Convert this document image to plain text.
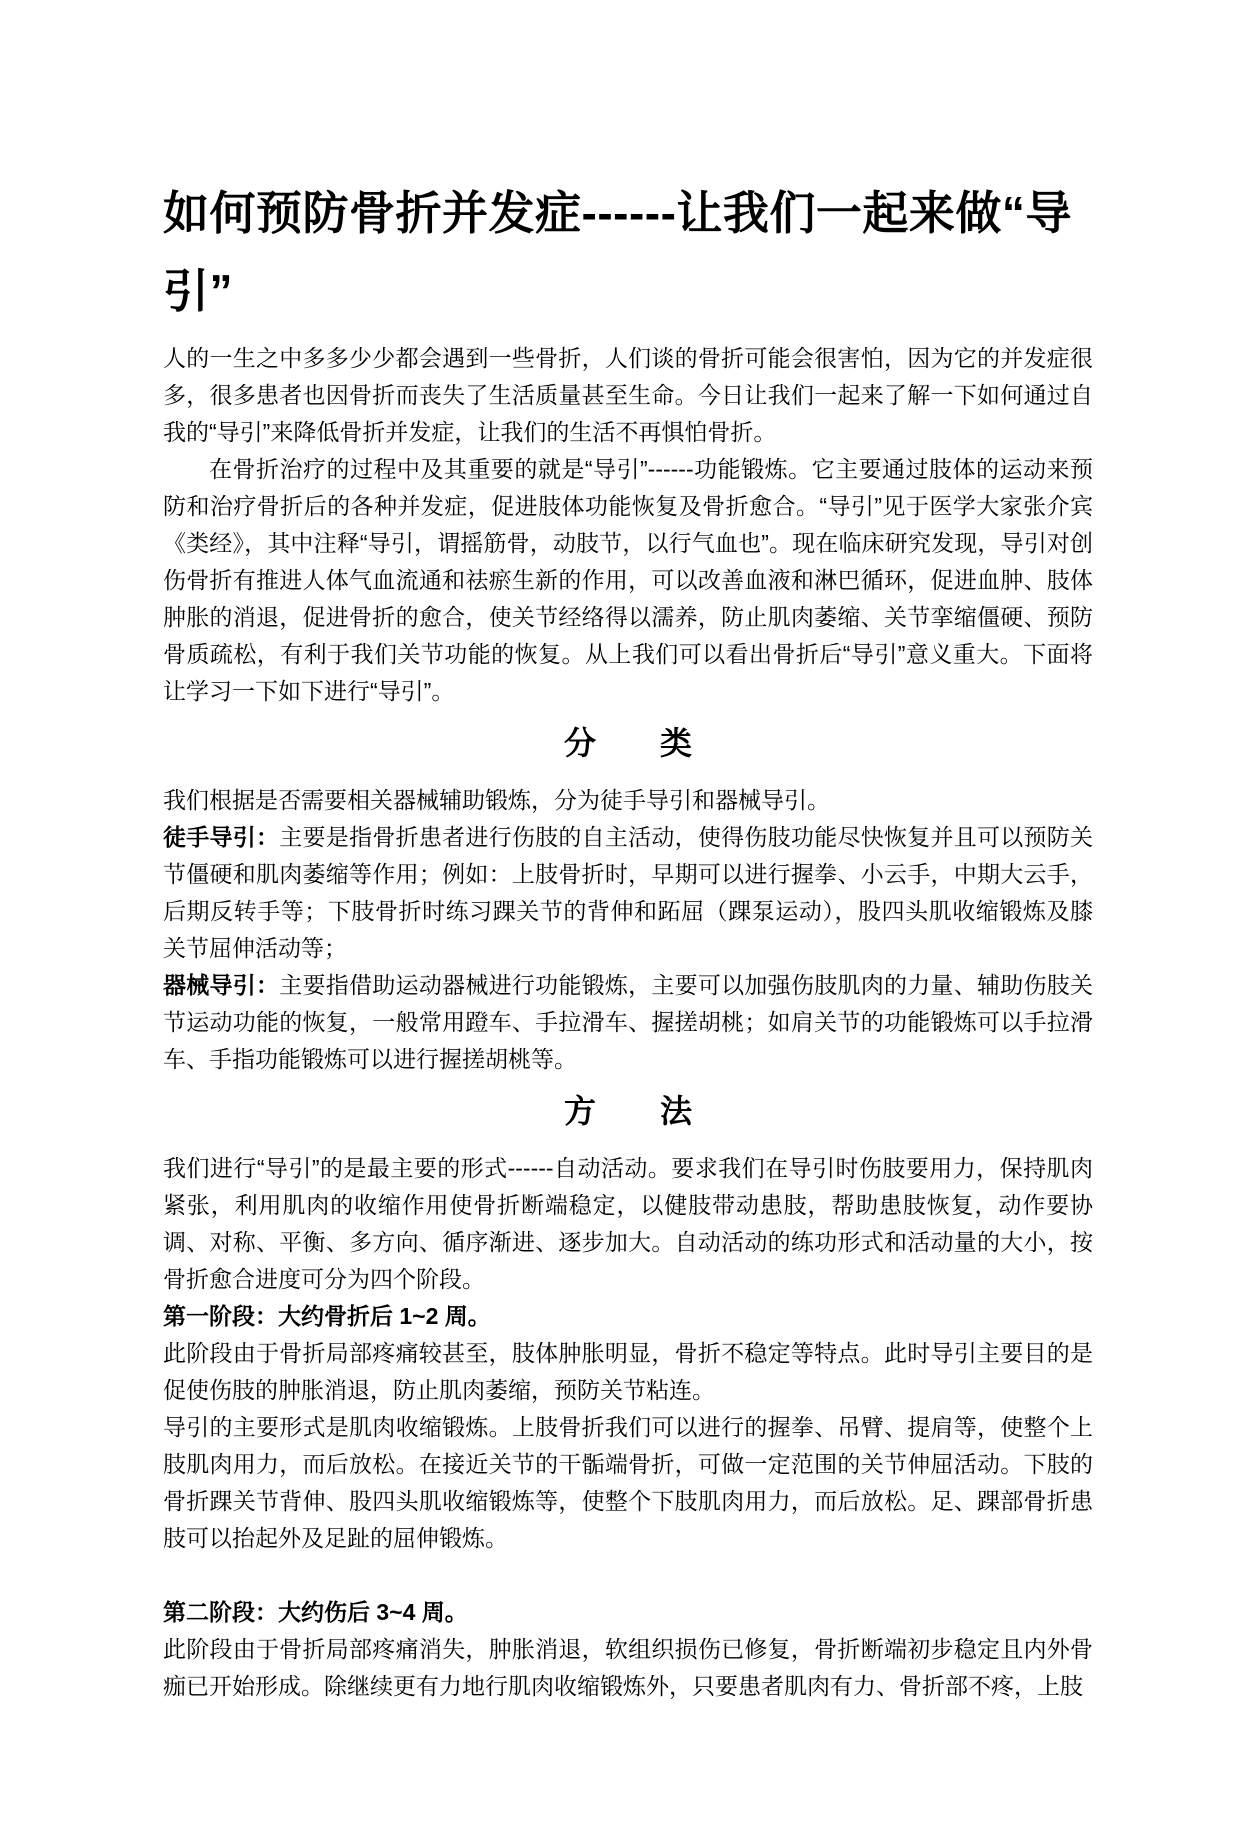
如何预防骨折并发症------让我们一起来做“导引”

人的一生之中多多少少都会遇到一些骨折，人们谈的骨折可能会很害怕，因为它的并发症很多，很多患者也因骨折而丧失了生活质量甚至生命。今日让我们一起来了解一下如何通过自我的“导引”来降低骨折并发症，让我们的生活不再惧怕骨折。

在骨折治疗的过程中及其重要的就是“导引”------功能锻炼。它主要通过肢体的运动来预防和治疗骨折后的各种并发症，促进肢体功能恢复及骨折愈合。“导引”见于医学大家张介宾《类经》，其中注释“导引，谓摇筋骨，动肢节，以行气血也”。现在临床研究发现，导引对创伤骨折有推进人体气血流通和祛瘀生新的作用，可以改善血液和淋巴循环，促进血肿、肢体肿胀的消退，促进骨折的愈合，使关节经络得以濡养，防止肌肉萎缩、关节挛缩僵硬、预防骨质疏松，有利于我们关节功能的恢复。从上我们可以看出骨折后“导引”意义重大。下面将让学习一下如下进行“导引”。

分　　类

我们根据是否需要相关器械辅助锻炼，分为徒手导引和器械导引。

徒手导引：主要是指骨折患者进行伤肢的自主活动，使得伤肢功能尽快恢复并且可以预防关节僵硬和肌肉萎缩等作用；例如：上肢骨折时，早期可以进行握拳、小云手，中期大云手，后期反转手等；下肢骨折时练习踝关节的背伸和跖屈（踝泵运动），股四头肌收缩锻炼及膝关节屈伸活动等；

器械导引：主要指借助运动器械进行功能锻炼，主要可以加强伤肢肌肉的力量、辅助伤肢关节运动功能的恢复，一般常用蹬车、手拉滑车、握搓胡桃；如肩关节的功能锻炼可以手拉滑车、手指功能锻炼可以进行握搓胡桃等。

方　　法

我们进行“导引”的是最主要的形式------自动活动。要求我们在导引时伤肢要用力，保持肌肉紧张，利用肌肉的收缩作用使骨折断端稳定，以健肢带动患肢，帮助患肢恢复，动作要协调、对称、平衡、多方向、循序渐进、逐步加大。自动活动的练功形式和活动量的大小，按骨折愈合进度可分为四个阶段。

第一阶段：大约骨折后 1~2 周。

此阶段由于骨折局部疼痛较甚至，肢体肿胀明显，骨折不稳定等特点。此时导引主要目的是促使伤肢的肿胀消退，防止肌肉萎缩，预防关节粘连。

导引的主要形式是肌肉收缩锻炼。上肢骨折我们可以进行的握拳、吊臂、提肩等，使整个上肢肌肉用力，而后放松。在接近关节的干骺端骨折，可做一定范围的关节伸屈活动。下肢的骨折踝关节背伸、股四头肌收缩锻炼等，使整个下肢肌肉用力，而后放松。足、踝部骨折患肢可以抬起外及足趾的屈伸锻炼。

第二阶段：大约伤后 3~4 周。

此阶段由于骨折局部疼痛消失，肿胀消退，软组织损伤已修复，骨折断端初步稳定且内外骨痂已开始形成。除继续更有力地行肌肉收缩锻炼外，只要患者肌肉有力、骨折部不疼，上肢
